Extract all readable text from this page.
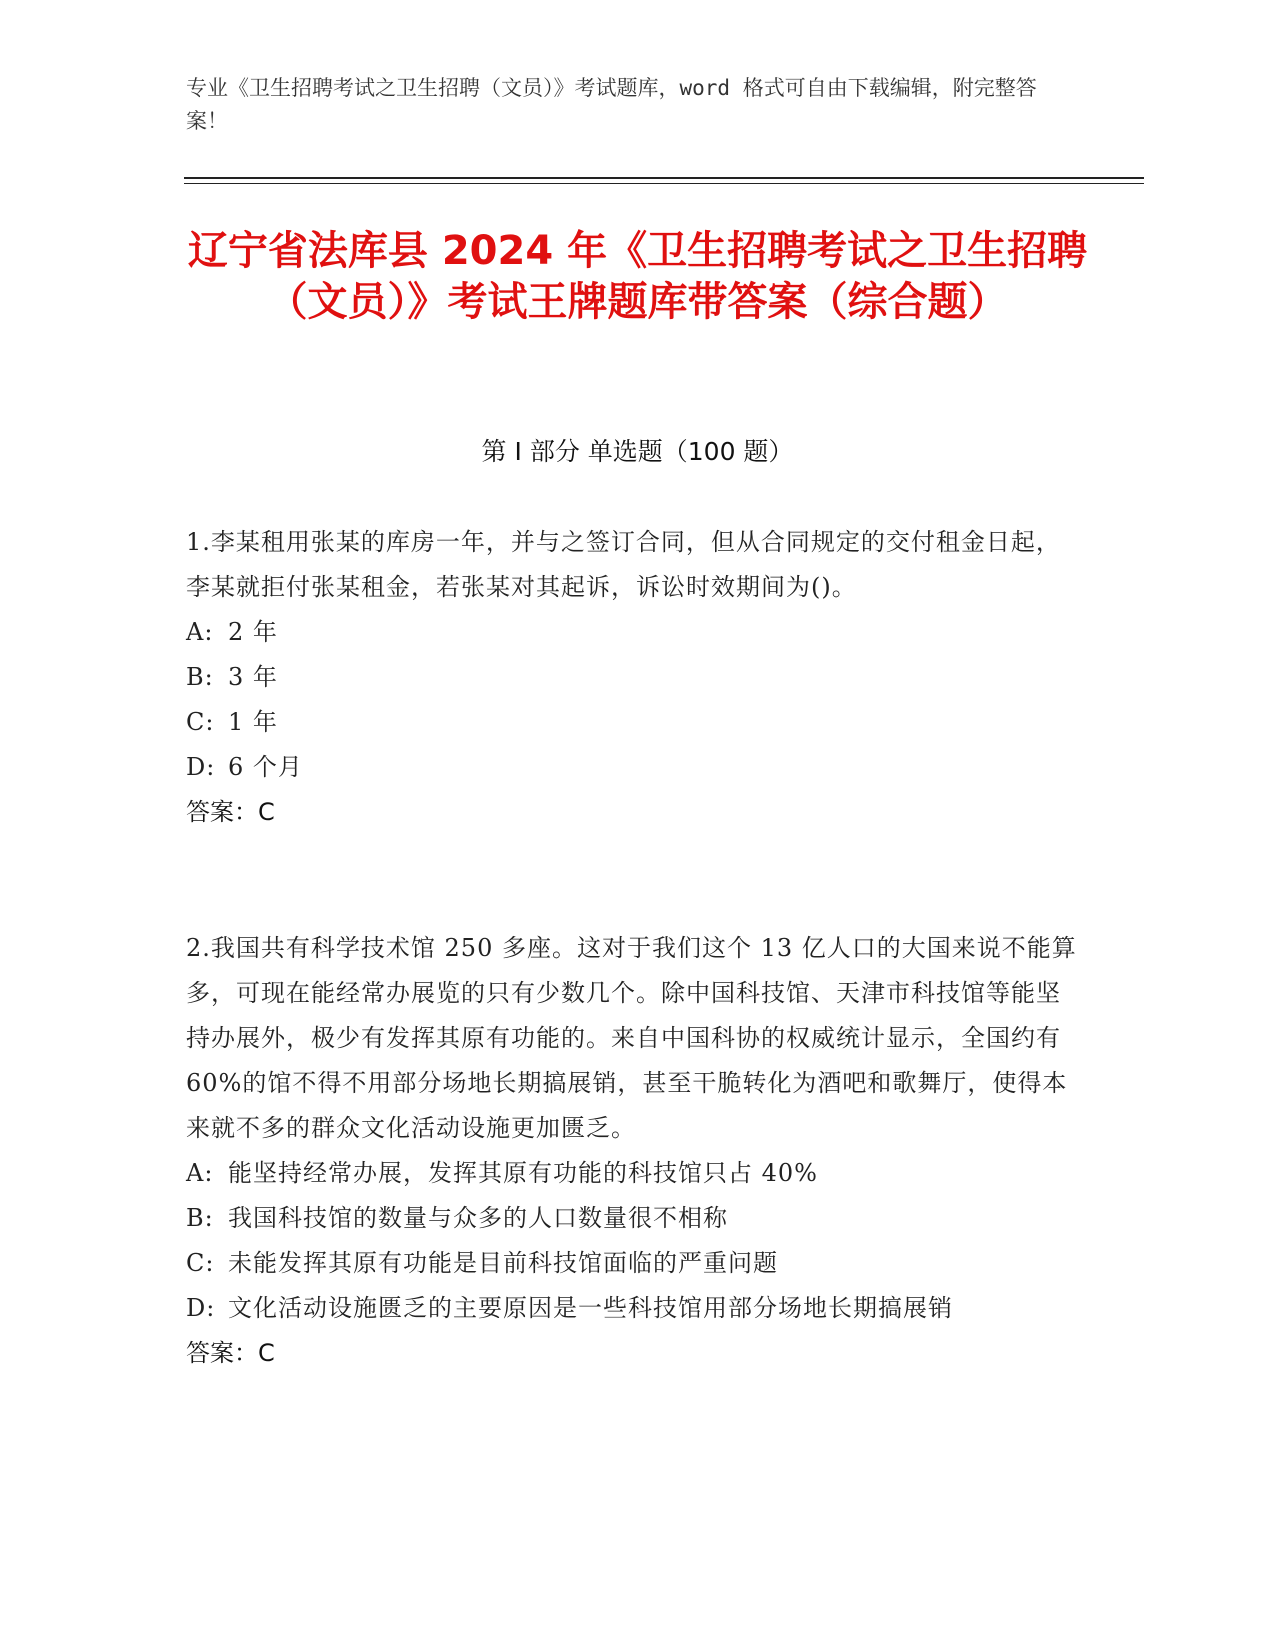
专业《卫生招聘考试之卫生招聘（文员）》考试题库，word 格式可自由下载编辑，附完整答案！
辽宁省法库县 2024 年《卫生招聘考试之卫生招聘（文员）》考试王牌题库带答案（综合题）
第 I 部分 单选题（100 题）
1.李某租用张某的库房一年，并与之签订合同，但从合同规定的交付租金日起，李某就拒付张某租金，若张某对其起诉，诉讼时效期间为()。
A: 2 年
B: 3 年
C: 1 年
D: 6 个月
答案：C
2.我国共有科学技术馆 250 多座。这对于我们这个 13 亿人口的大国来说不能算多，可现在能经常办展览的只有少数几个。除中国科技馆、天津市科技馆等能坚持办展外，极少有发挥其原有功能的。来自中国科协的权威统计显示，全国约有 60%的馆不得不用部分场地长期搞展销，甚至干脆转化为酒吧和歌舞厅，使得本来就不多的群众文化活动设施更加匮乏。
A: 能坚持经常办展，发挥其原有功能的科技馆只占 40%
B: 我国科技馆的数量与众多的人口数量很不相称
C: 未能发挥其原有功能是目前科技馆面临的严重问题
D: 文化活动设施匮乏的主要原因是一些科技馆用部分场地长期搞展销
答案：C
